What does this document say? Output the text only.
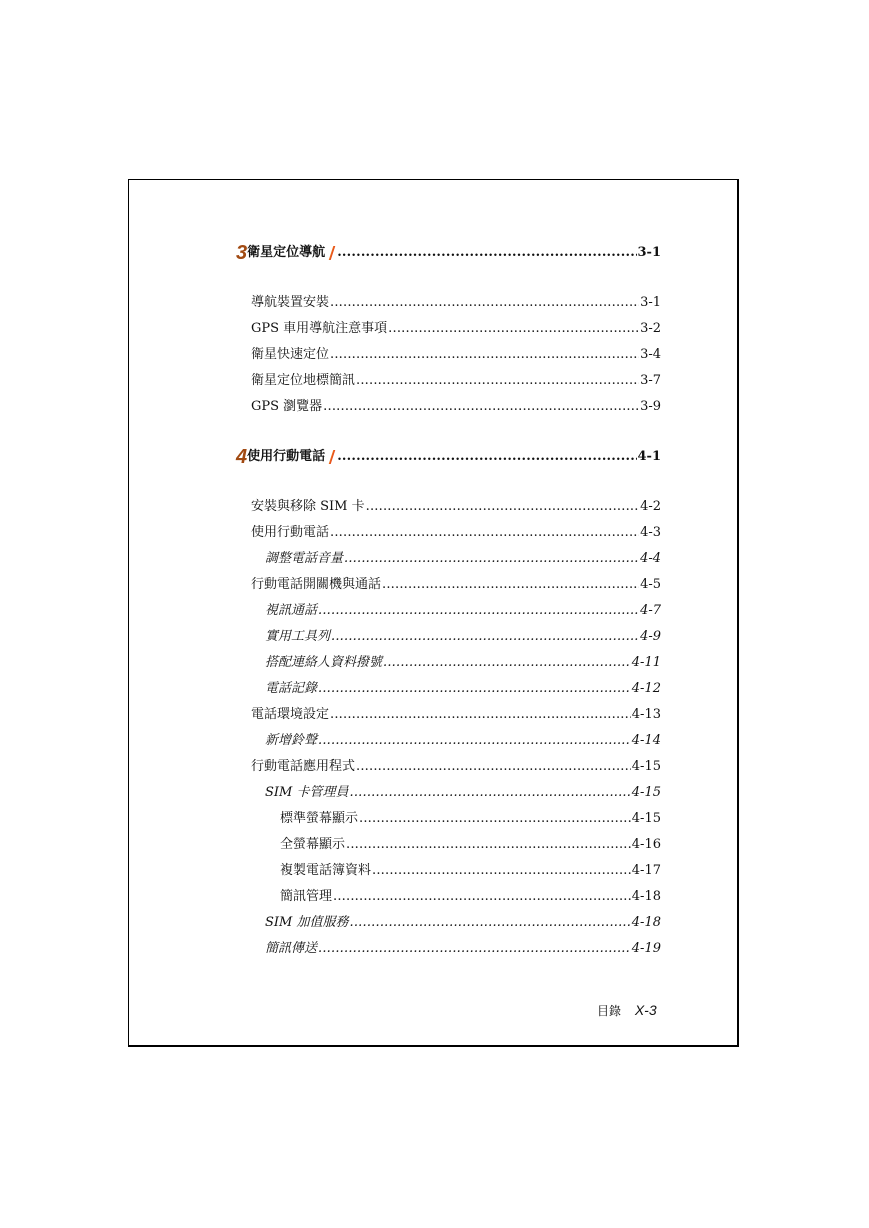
3 衛星定位導航 .....	3-1
導航裝置安裝 .....	3-1
GPS 車用導航注意事項 .....	3-2
衛星快速定位 .....	3-4
衛星定位地標簡訊 .....	3-7
GPS 瀏覽器 .....	3-9
4 使用行動電話 .....	4-1
安裝與移除 SIM 卡 .....	4-2
使用行動電話 .....	4-3
調整電話音量 .....	4-4
行動電話開關機與通話 .....	4-5
視訊通話 .....	4-7
實用工具列 .....	4-9
搭配連絡人資料撥號 .....	4-11
電話記錄 .....	4-12
電話環境設定 .....	4-13
新增鈴聲 .....	4-14
行動電話應用程式 .....	4-15
SIM 卡管理員 .....	4-15
標準螢幕顯示 .....	4-15
全螢幕顯示 .....	4-16
複製電話簿資料 .....	4-17
簡訊管理 .....	4-18
SIM 加值服務 .....	4-18
簡訊傳送 .....	4-19
目錄 X-3
